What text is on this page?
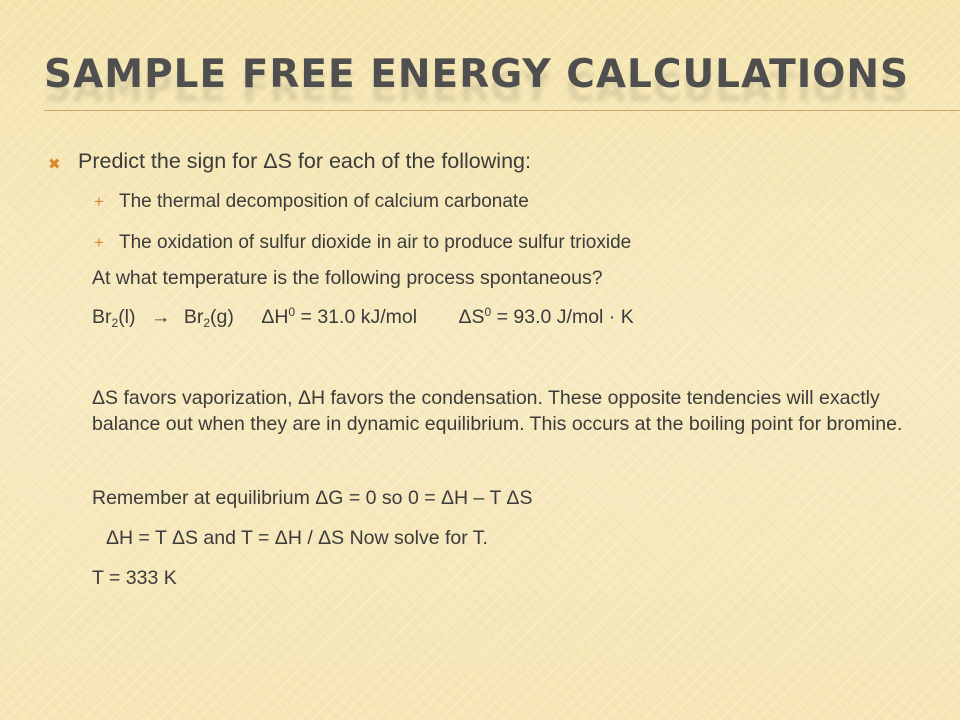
SAMPLE FREE ENERGY CALCULATIONS
✖ Predict the sign for ΔS for each of the following:
+ The thermal decomposition of calcium carbonate
+ The oxidation of sulfur dioxide in air to produce sulfur trioxide
At what temperature is the following process spontaneous?
$Br_2(l) \to Br_2(g) \Delta H^0 = 31.0$ kJ/mol $\Delta S^0 = 93.0$ J/mol · K
ΔS favors vaporization, ΔH favors the condensation. These opposite tendencies will exactly balance out when they are in dynamic equilibrium. This occurs at the boiling point for bromine.
Remember at equilibrium ΔG = 0 so 0 = ΔH – T ΔS
ΔH = T ΔS and T = ΔH / ΔS Now solve for T.
T = 333 K
